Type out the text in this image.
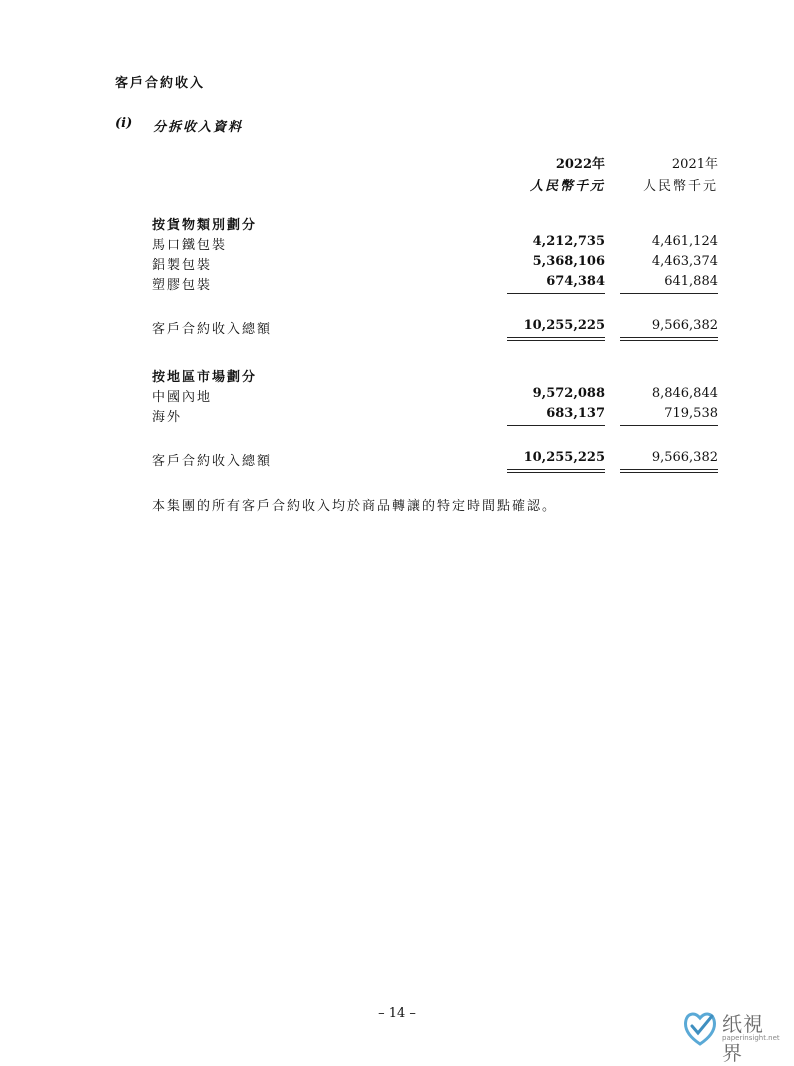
客戶合約收入
(i) 分拆收入資料
2022年	2021年
人民幣千元	人民幣千元
按貨物類別劃分
馬口鐵包裝	4,212,735	4,461,124
鋁製包裝	5,368,106	4,463,374
塑膠包裝	674,384	641,884
客戶合約收入總額	10,255,225	9,566,382
按地區市場劃分
中國內地	9,572,088	8,846,844
海外	683,137	719,538
客戶合約收入總額	10,255,225	9,566,382
本集團的所有客戶合約收入均於商品轉讓的特定時間點確認。
– 14 –	纸視界
paperinsight.net
